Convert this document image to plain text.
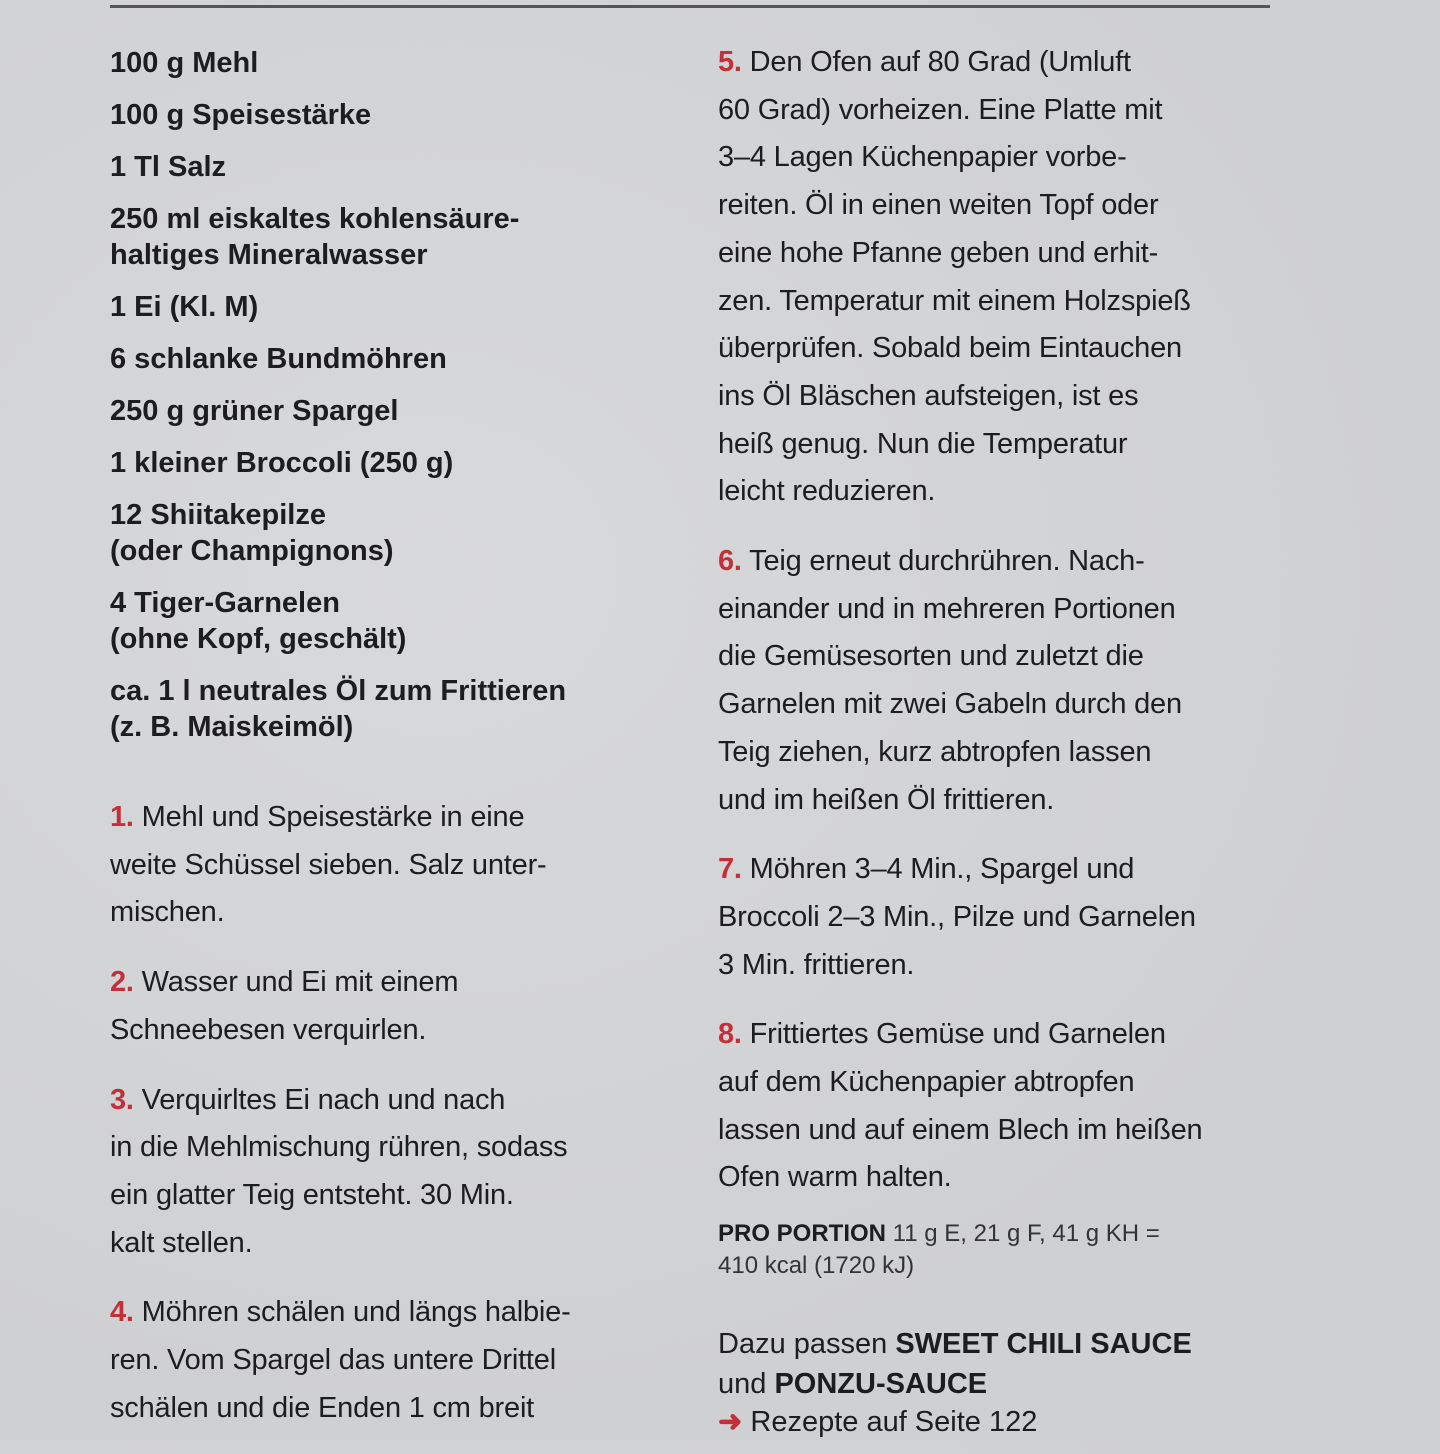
100 g Mehl
100 g Speisestärke
1 Tl Salz
250 ml eiskaltes kohlensäure-
haltiges Mineralwasser
1 Ei (Kl. M)
6 schlanke Bundmöhren
250 g grüner Spargel
1 kleiner Broccoli (250 g)
12 Shiitakepilze
(oder Champignons)
4 Tiger-Garnelen
(ohne Kopf, geschält)
ca. 1 l neutrales Öl zum Frittieren
(z. B. Maiskeimöl)
1. Mehl und Speisestärke in eine
weite Schüssel sieben. Salz unter-
mischen.
2. Wasser und Ei mit einem
Schneebesen verquirlen.
3. Verquirltes Ei nach und nach
in die Mehlmischung rühren, sodass
ein glatter Teig entsteht. 30 Min.
kalt stellen.
4. Möhren schälen und längs halbie-
ren. Vom Spargel das untere Drittel
schälen und die Enden 1 cm breit
5. Den Ofen auf 80 Grad (Umluft
60 Grad) vorheizen. Eine Platte mit
3–4 Lagen Küchenpapier vorbe-
reiten. Öl in einen weiten Topf oder
eine hohe Pfanne geben und erhit-
zen. Temperatur mit einem Holzspieß
überprüfen. Sobald beim Eintauchen
ins Öl Bläschen aufsteigen, ist es
heiß genug. Nun die Temperatur
leicht reduzieren.
6. Teig erneut durchrühren. Nach-
einander und in mehreren Portionen
die Gemüsesorten und zuletzt die
Garnelen mit zwei Gabeln durch den
Teig ziehen, kurz abtropfen lassen
und im heißen Öl frittieren.
7. Möhren 3–4 Min., Spargel und
Broccoli 2–3 Min., Pilze und Garnelen
3 Min. frittieren.
8. Frittiertes Gemüse und Garnelen
auf dem Küchenpapier abtropfen
lassen und auf einem Blech im heißen
Ofen warm halten.
PRO PORTION 11 g E, 21 g F, 41 g KH =
410 kcal (1720 kJ)
Dazu passen SWEET CHILI SAUCE
und PONZU-SAUCE
➜ Rezepte auf Seite 122
